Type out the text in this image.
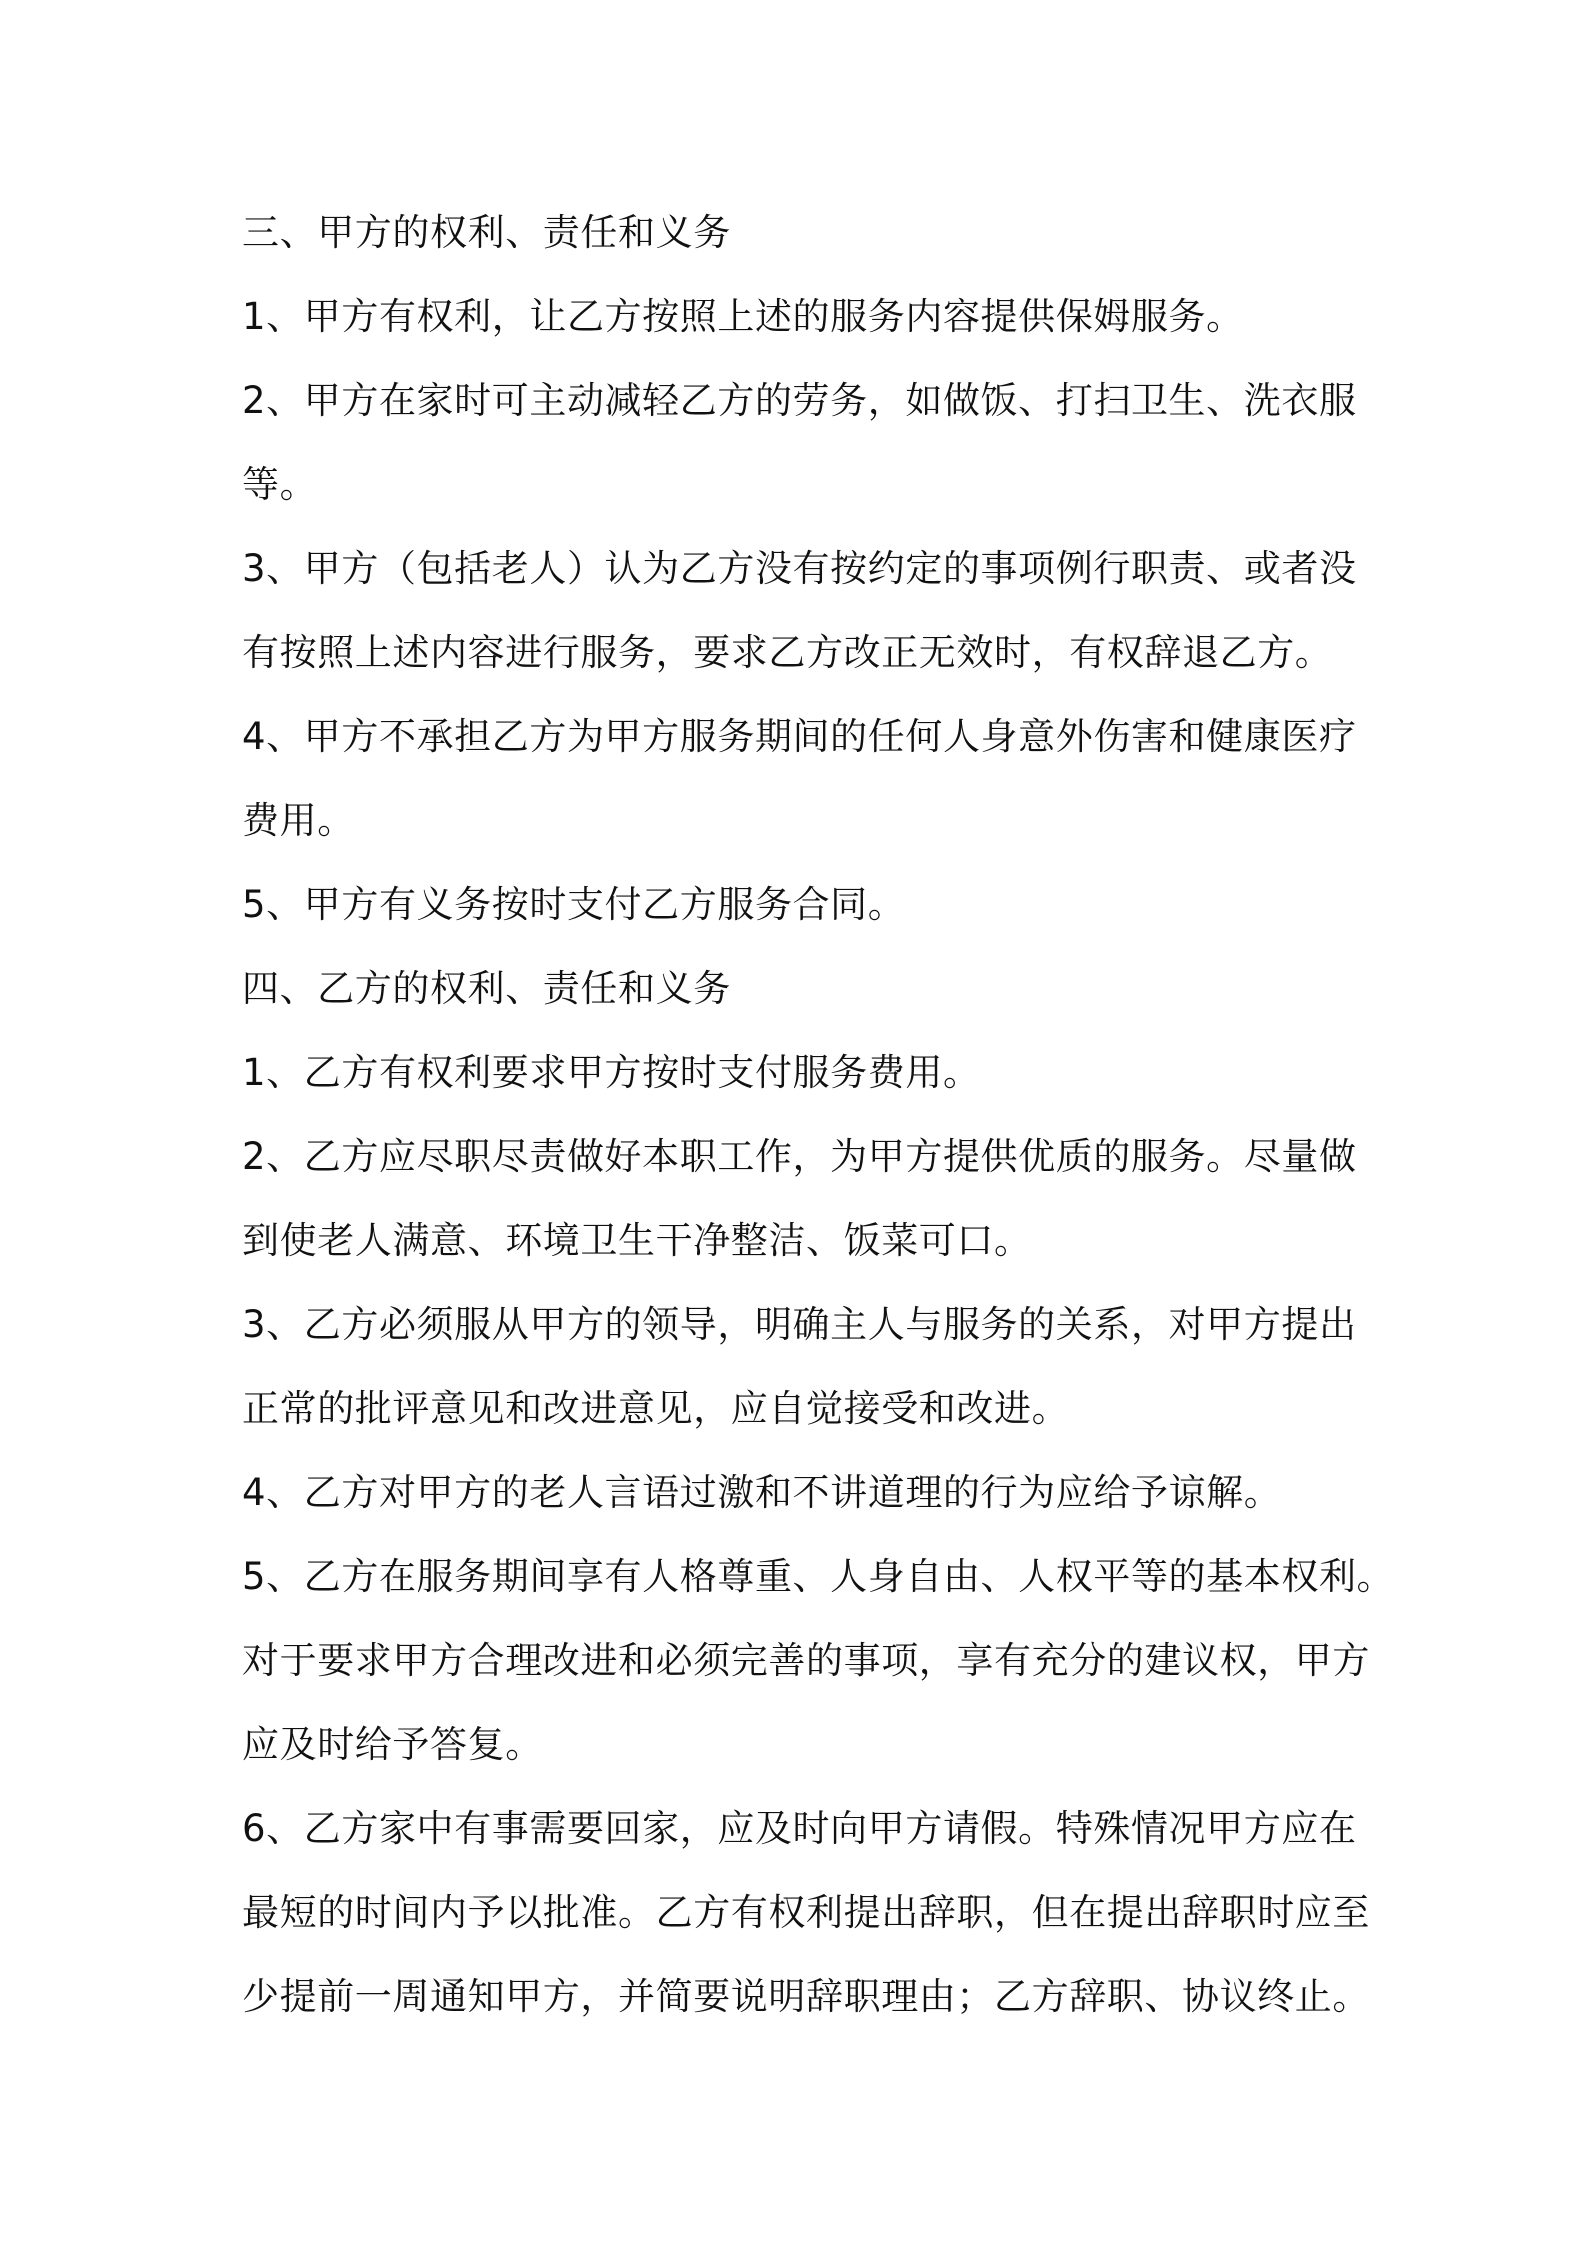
三、甲方的权利、责任和义务
1、甲方有权利，让乙方按照上述的服务内容提供保姆服务。
2、甲方在家时可主动减轻乙方的劳务，如做饭、打扫卫生、洗衣服
等。
3、甲方（包括老人）认为乙方没有按约定的事项例行职责、或者没
有按照上述内容进行服务，要求乙方改正无效时，有权辞退乙方。
4、甲方不承担乙方为甲方服务期间的任何人身意外伤害和健康医疗
费用。
5、甲方有义务按时支付乙方服务合同。
四、乙方的权利、责任和义务
1、乙方有权利要求甲方按时支付服务费用。
2、乙方应尽职尽责做好本职工作，为甲方提供优质的服务。尽量做
到使老人满意、环境卫生干净整洁、饭菜可口。
3、乙方必须服从甲方的领导，明确主人与服务的关系，对甲方提出
正常的批评意见和改进意见，应自觉接受和改进。
4、乙方对甲方的老人言语过激和不讲道理的行为应给予谅解。
5、乙方在服务期间享有人格尊重、人身自由、人权平等的基本权利。
对于要求甲方合理改进和必须完善的事项，享有充分的建议权，甲方
应及时给予答复。
6、乙方家中有事需要回家，应及时向甲方请假。特殊情况甲方应在
最短的时间内予以批准。乙方有权利提出辞职，但在提出辞职时应至
少提前一周通知甲方，并简要说明辞职理由；乙方辞职、协议终止。
